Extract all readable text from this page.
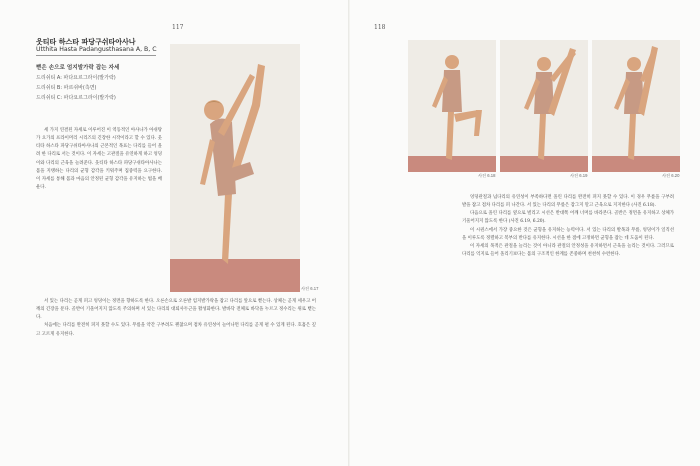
117
웃티타 하스타 파당구쉬타아사나
Utthita Hasta Padangusthasana A, B, C
뻗은 손으로 엄지발가락 잡는 자세
드리쉬티 A: 파다요르그라이(발가락)
드리쉬티 B: 파르쉬바(측면)
드리쉬티 C: 파다요르그라이(발가락)
사진 6.17

세 가지 연결된 자세로 이루어진 이 역동적인 아사나가 아쉬탕가 요가의 프라이머리 시리즈의 긴장한 시작이라고 할 수 있다. 웃티타 하스타 파당구쉬타아사나의 근본적인 목표는 다리를 들어 올려 한 다리로 서는 것이다. 이 자세는 고관절을 유연하게 하고 엉덩이와 다리의 근육을 늘려준다. 웃티타 하스타 파당구쉬타아사나는 몸을 지탱하는 다리의 균형 감각을 키워주며 집중력을 요구한다. 이 자세를 통해 몸과 마음의 안정된 균형 감각을 유지하는 법을 배운다.

서 있는 다리는 곧게 펴고 엉덩이는 정면을 향하도록 한다. 오른손으로 오른발 엄지발가락을 잡고 다리를 앞으로 뻗는다. 상체는 곧게 세우고 어깨의 긴장을 푼다. 골반이 기울어지지 않도록 주의하며 서 있는 다리의 대퇴사두근을 활성화한다. 발바닥 전체로 바닥을 누르고 정수리는 위로 뻗는다.

처음에는 다리를 완전히 펴지 못할 수도 있다. 무릎을 약간 구부려도 괜찮으며 점차 유연성이 늘어나면 다리를 곧게 펼 수 있게 된다. 호흡은 깊고 고르게 유지한다.

118
사진 6.18	사진 6.19	사진 6.20

엉덩관절과 넙다리의 유연성이 부족하다면 올린 다리를 완전히 펴지 못할 수 있다. 이 경우 무릎을 구부려 발을 잡고 점차 다리를 펴 나간다. 서 있는 다리의 무릎은 잠그지 말고 근육으로 지지한다 (사진 6.18).

다음으로 올린 다리를 옆으로 벌리고 시선은 반대쪽 어깨 너머를 바라본다. 골반은 정면을 유지하고 상체가 기울어지지 않도록 한다 (사진 6.19, 6.20).

이 시퀀스에서 가장 중요한 것은 균형을 유지하는 능력이다. 서 있는 다리의 발목과 무릎, 엉덩이가 일직선을 이루도록 정렬하고 복부의 반다를 유지한다. 시선을 한 점에 고정하면 균형을 잡는 데 도움이 된다.

이 자세의 목적은 관절을 늘리는 것이 아니라 관절의 안정성을 유지하면서 근육을 늘리는 것이다. 그러므로 다리를 억지로 들어 올리기보다는 몸의 구조적인 한계를 존중하며 천천히 수련한다.
